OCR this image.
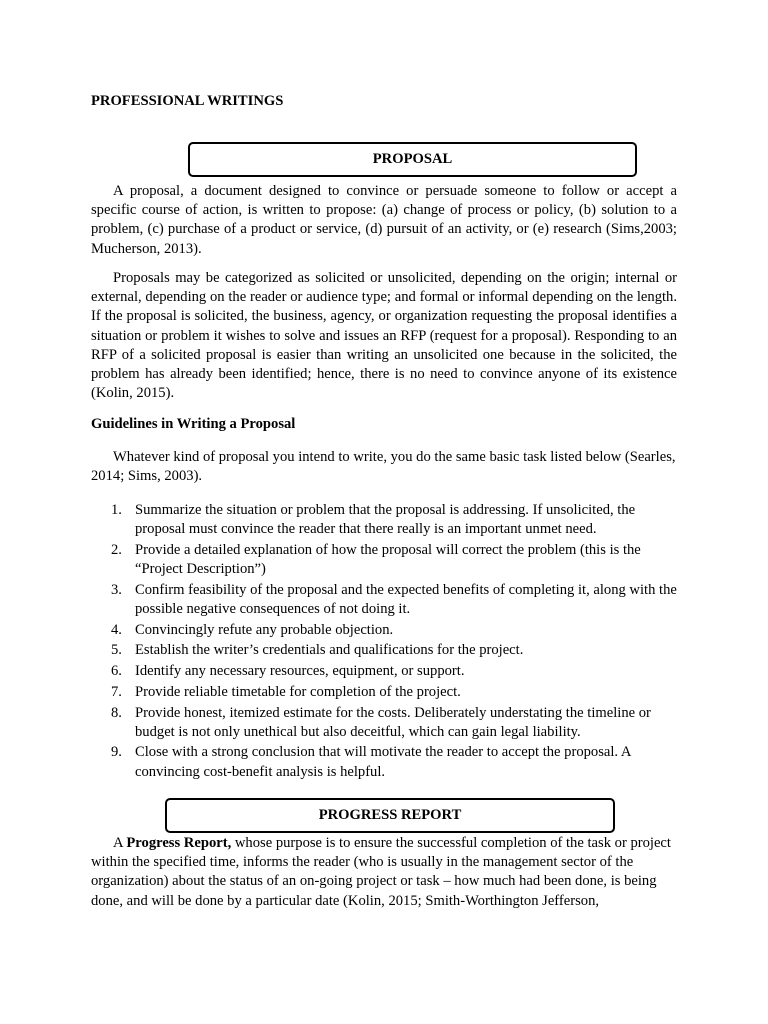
PROFESSIONAL WRITINGS

PROPOSAL

A proposal, a document designed to convince or persuade someone to follow or accept a specific course of action, is written to propose: (a) change of process or policy, (b) solution to a problem, (c) purchase of a product or service, (d) pursuit of an activity, or (e) research (Sims,2003; Mucherson, 2013).

Proposals may be categorized as solicited or unsolicited, depending on the origin; internal or external, depending on the reader or audience type; and formal or informal depending on the length. If the proposal is solicited, the business, agency, or organization requesting the proposal identifies a situation or problem it wishes to solve and issues an RFP (request for a proposal). Responding to an RFP of a solicited proposal is easier than writing an unsolicited one because in the solicited, the problem has already been identified; hence, there is no need to convince anyone of its existence (Kolin, 2015).

Guidelines in Writing a Proposal

Whatever kind of proposal you intend to write, you do the same basic task listed below (Searles, 2014; Sims, 2003).

1. Summarize the situation or problem that the proposal is addressing. If unsolicited, the proposal must convince the reader that there really is an important unmet need.
2. Provide a detailed explanation of how the proposal will correct the problem (this is the “Project Description”)
3. Confirm feasibility of the proposal and the expected benefits of completing it, along with the possible negative consequences of not doing it.
4. Convincingly refute any probable objection.
5. Establish the writer’s credentials and qualifications for the project.
6. Identify any necessary resources, equipment, or support.
7. Provide reliable timetable for completion of the project.
8. Provide honest, itemized estimate for the costs. Deliberately understating the timeline or budget is not only unethical but also deceitful, which can gain legal liability.
9. Close with a strong conclusion that will motivate the reader to accept the proposal. A convincing cost-benefit analysis is helpful.
PROGRESS REPORT

A Progress Report, whose purpose is to ensure the successful completion of the task or project within the specified time, informs the reader (who is usually in the management sector of the organization) about the status of an on-going project or task – how much had been done, is being done, and will be done by a particular date (Kolin, 2015; Smith-Worthington Jefferson,
